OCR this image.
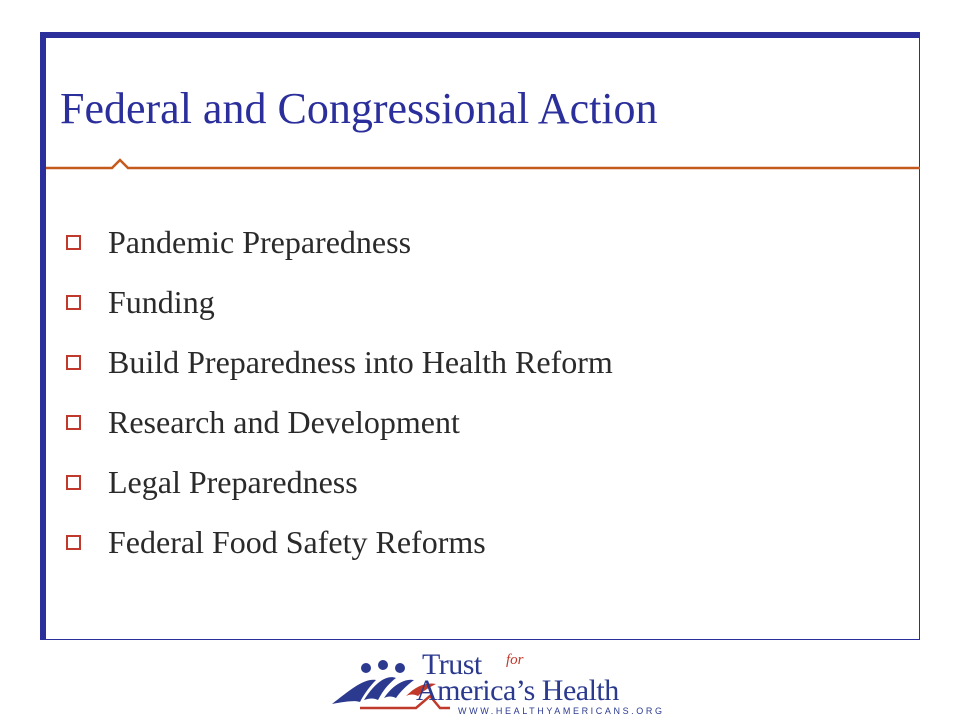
Federal and Congressional Action
Pandemic Preparedness
Funding
Build Preparedness into Health Reform
Research and Development
Legal Preparedness
Federal Food Safety Reforms
Trust for
America’s Health
WWW.HEALTHYAMERICANS.ORG
